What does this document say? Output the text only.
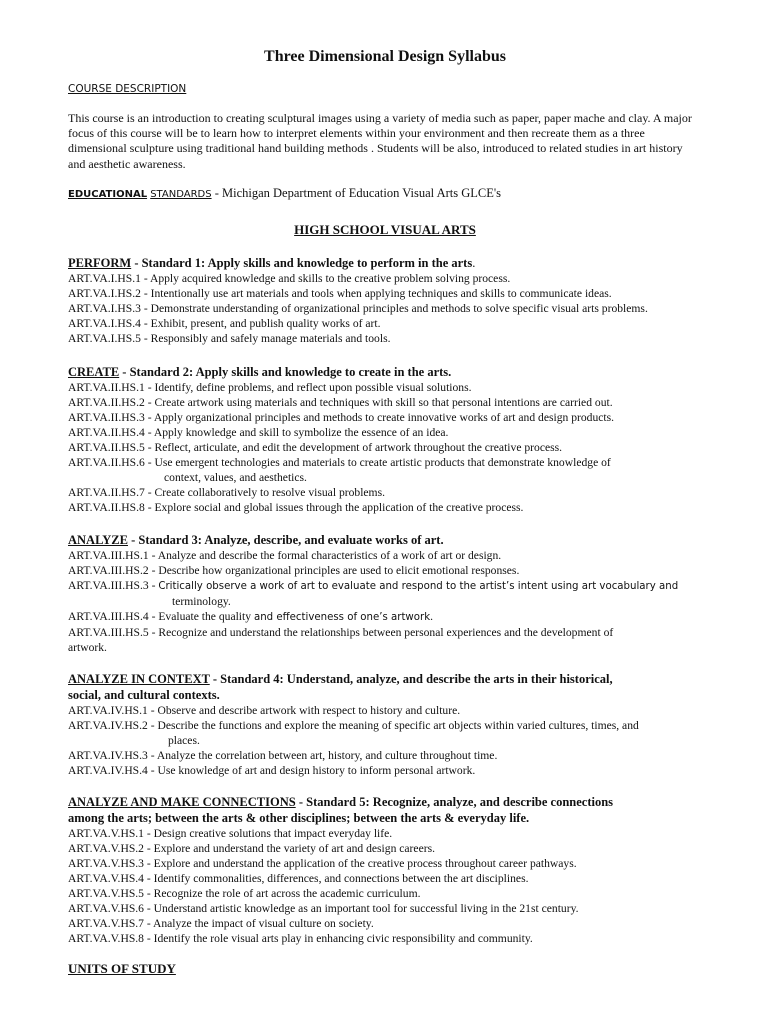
Three Dimensional Design Syllabus
COURSE DESCRIPTION
This course is an introduction to creating sculptural images using a variety of media such as paper, paper mache and clay. A major focus of this course will be to learn how to interpret elements within your environment and then recreate them as a three dimensional sculpture using traditional hand building methods . Students will be also, introduced to related studies in art history and aesthetic awareness.
EDUCATIONAL STANDARDS - Michigan Department of Education Visual Arts GLCE's
HIGH SCHOOL VISUAL ARTS
PERFORM - Standard 1: Apply skills and knowledge to perform in the arts.
ART.VA.I.HS.1 - Apply acquired knowledge and skills to the creative problem solving process.
ART.VA.I.HS.2 - Intentionally use art materials and tools when applying techniques and skills to communicate ideas.
ART.VA.I.HS.3 - Demonstrate understanding of organizational principles and methods to solve specific visual arts problems.
ART.VA.I.HS.4 - Exhibit, present, and publish quality works of art.
ART.VA.I.HS.5 - Responsibly and safely manage materials and tools.
CREATE - Standard 2: Apply skills and knowledge to create in the arts.
ART.VA.II.HS.1 - Identify, define problems, and reflect upon possible visual solutions.
ART.VA.II.HS.2 - Create artwork using materials and techniques with skill so that personal intentions are carried out.
ART.VA.II.HS.3 - Apply organizational principles and methods to create innovative works of art and design products.
ART.VA.II.HS.4 - Apply knowledge and skill to symbolize the essence of an idea.
ART.VA.II.HS.5 - Reflect, articulate, and edit the development of artwork throughout the creative process.
ART.VA.II.HS.6 - Use emergent technologies and materials to create artistic products that demonstrate knowledge of
context, values, and aesthetics.
ART.VA.II.HS.7 - Create collaboratively to resolve visual problems.
ART.VA.II.HS.8 - Explore social and global issues through the application of the creative process.
ANALYZE - Standard 3: Analyze, describe, and evaluate works of art.
ART.VA.III.HS.1 - Analyze and describe the formal characteristics of a work of art or design.
ART.VA.III.HS.2 - Describe how organizational principles are used to elicit emotional responses.
ART.VA.III.HS.3 - Critically observe a work of art to evaluate and respond to the artist’s intent using art vocabulary and
terminology.
ART.VA.III.HS.4 - Evaluate the quality and effectiveness of one’s artwork.
ART.VA.III.HS.5 - Recognize and understand the relationships between personal experiences and the development of
artwork.
ANALYZE IN CONTEXT - Standard 4: Understand, analyze, and describe the arts in their historical,
social, and cultural contexts.
ART.VA.IV.HS.1 - Observe and describe artwork with respect to history and culture.
ART.VA.IV.HS.2 - Describe the functions and explore the meaning of specific art objects within varied cultures, times, and
places.
ART.VA.IV.HS.3 - Analyze the correlation between art, history, and culture throughout time.
ART.VA.IV.HS.4 - Use knowledge of art and design history to inform personal artwork.
ANALYZE AND MAKE CONNECTIONS - Standard 5: Recognize, analyze, and describe connections
among the arts; between the arts & other disciplines; between the arts & everyday life.
ART.VA.V.HS.1 - Design creative solutions that impact everyday life.
ART.VA.V.HS.2 - Explore and understand the variety of art and design careers.
ART.VA.V.HS.3 - Explore and understand the application of the creative process throughout career pathways.
ART.VA.V.HS.4 - Identify commonalities, differences, and connections between the art disciplines.
ART.VA.V.HS.5 - Recognize the role of art across the academic curriculum.
ART.VA.V.HS.6 - Understand artistic knowledge as an important tool for successful living in the 21st century.
ART.VA.V.HS.7 - Analyze the impact of visual culture on society.
ART.VA.V.HS.8 - Identify the role visual arts play in enhancing civic responsibility and community.
UNITS OF STUDY
